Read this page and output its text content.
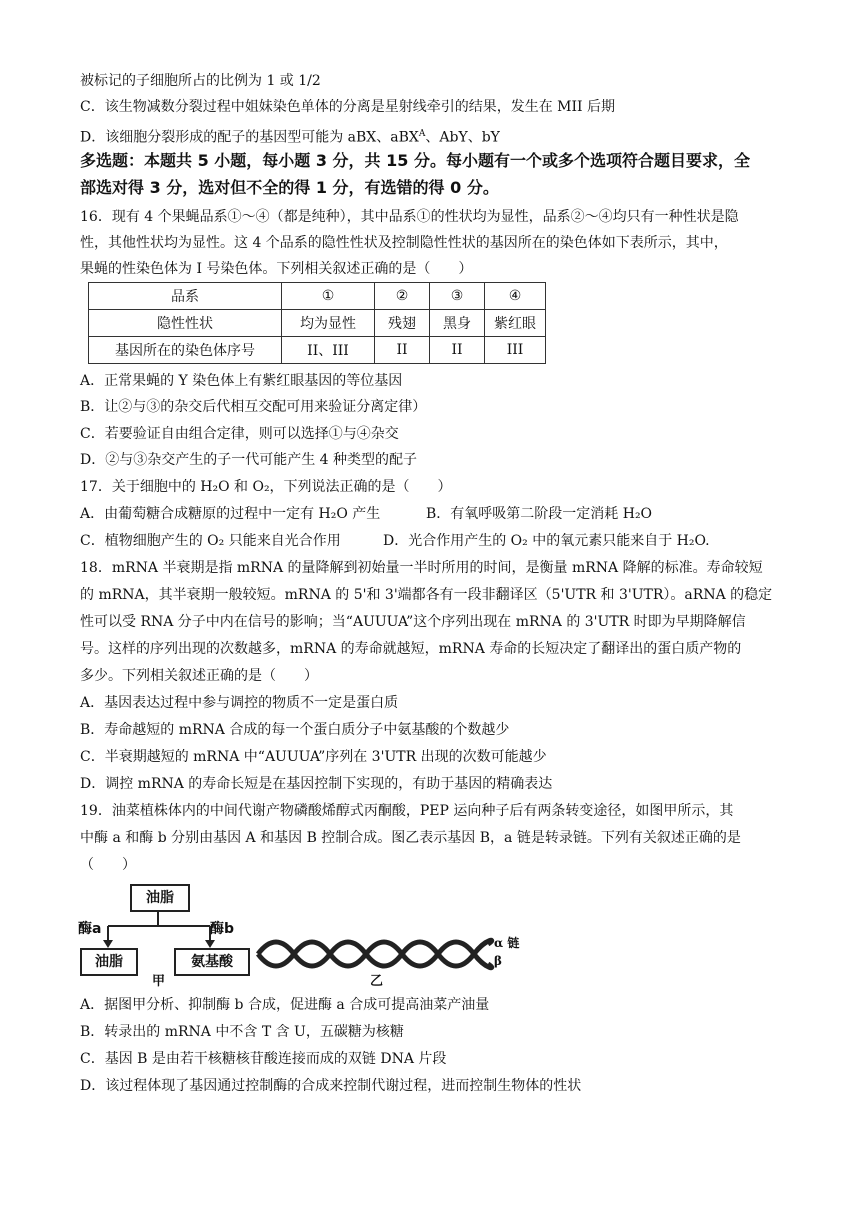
被标记的子细胞所占的比例为 1 或 1/2
C．该生物减数分裂过程中姐妹染色单体的分离是星射线牵引的结果，发生在 MII 后期
D．该细胞分裂形成的配子的基因型可能为 aBX、aBX$^A$、AbY、bY
多选题：本题共 5 小题，每小题 3 分，共 15 分。每小题有一个或多个选项符合题目要求，全
部选对得 3 分，选对但不全的得 1 分，有选错的得 0 分。
16．现有 4 个果蝇品系①～④（都是纯种），其中品系①的性状均为显性，品系②～④均只有一种性状是隐
性，其他性状均为显性。这 4 个品系的隐性性状及控制隐性性状的基因所在的染色体如下表所示，其中，
果蝇的性染色体为 I 号染色体。下列相关叙述正确的是（　　）
品系	①	②	③	④
隐性性状	均为显性	残翅	黑身	紫红眼
基因所在的染色体序号	II、III	II	II	III
A．正常果蝇的 Y 染色体上有紫红眼基因的等位基因
B．让②与③的杂交后代相互交配可用来验证分离定律）
C．若要验证自由组合定律，则可以选择①与④杂交
D．②与③杂交产生的子一代可能产生 4 种类型的配子
17．关于细胞中的 H₂O 和 O₂，下列说法正确的是（　　）
A．由葡萄糖合成糖原的过程中一定有 H₂O 产生	B．有氧呼吸第二阶段一定消耗 H₂O
C．植物细胞产生的 O₂ 只能来自光合作用	D．光合作用产生的 O₂ 中的氧元素只能来自于 H₂O.
18．mRNA 半衰期是指 mRNA 的量降解到初始量一半时所用的时间，是衡量 mRNA 降解的标准。寿命较短
的 mRNA，其半衰期一般较短。mRNA 的 5'和 3'端都各有一段非翻译区（5'UTR 和 3'UTR）。aRNA 的稳定
性可以受 RNA 分子中内在信号的影响；当“AUUUA”这个序列出现在 mRNA 的 3'UTR 时即为早期降解信
号。这样的序列出现的次数越多，mRNA 的寿命就越短，mRNA 寿命的长短决定了翻译出的蛋白质产物的
多少。下列相关叙述正确的是（　　）
A．基因表达过程中参与调控的物质不一定是蛋白质
B．寿命越短的 mRNA 合成的每一个蛋白质分子中氨基酸的个数越少
C．半衰期越短的 mRNA 中“AUUUA”序列在 3'UTR 出现的次数可能越少
D．调控 mRNA 的寿命长短是在基因控制下实现的，有助于基因的精确表达
19．油菜植株体内的中间代谢产物磷酸烯醇式丙酮酸，PEP 运向种子后有两条转变途径，如图甲所示，其
中酶 a 和酶 b 分别由基因 A 和基因 B 控制合成。图乙表示基因 B，a 链是转录链。下列有关叙述正确的是
（　　）
油脂
酶a	酶b
油脂	氨基酸
甲	乙
α 链
β
A．据图甲分析、抑制酶 b 合成，促进酶 a 合成可提高油菜产油量
B．转录出的 mRNA 中不含 T 含 U，五碳糖为核糖
C．基因 B 是由若干核糖核苷酸连接而成的双链 DNA 片段
D．该过程体现了基因通过控制酶的合成来控制代谢过程，进而控制生物体的性状
